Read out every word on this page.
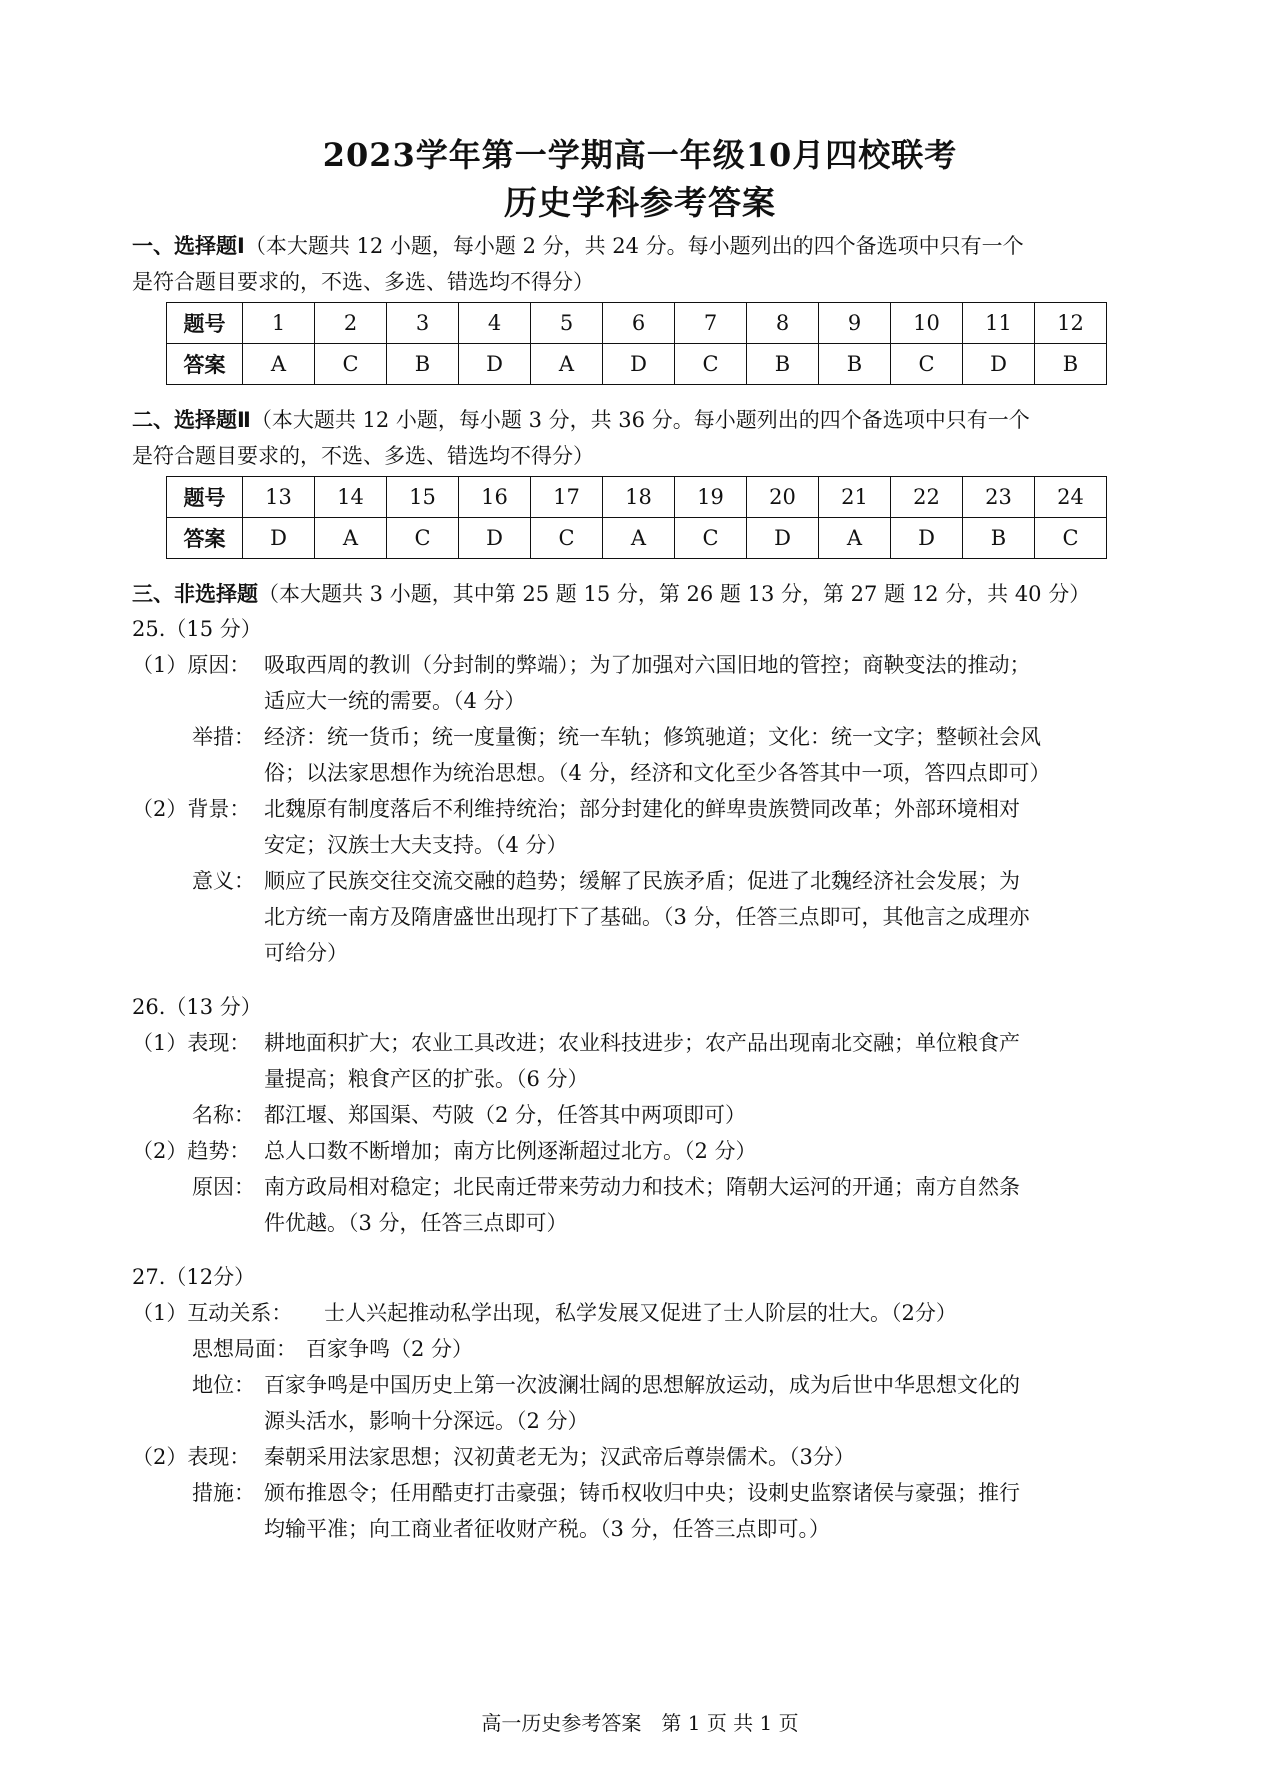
2023学年第一学期高一年级10月四校联考
历史学科参考答案
一、选择题Ⅰ（本大题共 12 小题，每小题 2 分，共 24 分。每小题列出的四个备选项中只有一个
是符合题目要求的，不选、多选、错选均不得分）
题号	1	2	3	4	5	6	7	8	9	10	11	12
答案	A	C	B	D	A	D	C	B	B	C	D	B
二、选择题Ⅱ（本大题共 12 小题，每小题 3 分，共 36 分。每小题列出的四个备选项中只有一个
是符合题目要求的，不选、多选、错选均不得分）
题号	13	14	15	16	17	18	19	20	21	22	23	24
答案	D	A	C	D	C	A	C	D	A	D	B	C
三、非选择题（本大题共 3 小题，其中第 25 题 15 分，第 26 题 13 分，第 27 题 12 分，共 40 分）
25.（15 分）
（1）原因： 吸取西周的教训（分封制的弊端）；为了加强对六国旧地的管控；商鞅变法的推动；
适应大一统的需要。（4 分）
举措： 经济：统一货币；统一度量衡；统一车轨；修筑驰道；文化：统一文字；整顿社会风
俗；以法家思想作为统治思想。（4 分，经济和文化至少各答其中一项，答四点即可）
（2）背景： 北魏原有制度落后不利维持统治；部分封建化的鲜卑贵族赞同改革；外部环境相对
安定；汉族士大夫支持。（4 分）
意义： 顺应了民族交往交流交融的趋势；缓解了民族矛盾；促进了北魏经济社会发展；为
北方统一南方及隋唐盛世出现打下了基础。（3 分，任答三点即可，其他言之成理亦
可给分）
26.（13 分）
（1）表现： 耕地面积扩大；农业工具改进；农业科技进步；农产品出现南北交融；单位粮食产
量提高；粮食产区的扩张。（6 分）
名称： 都江堰、郑国渠、芍陂（2 分，任答其中两项即可）
（2）趋势： 总人口数不断增加；南方比例逐渐超过北方。（2 分）
原因： 南方政局相对稳定；北民南迁带来劳动力和技术；隋朝大运河的开通；南方自然条
件优越。（3 分，任答三点即可）
27.（12分）
（1）互动关系： 士人兴起推动私学出现，私学发展又促进了士人阶层的壮大。（2分）
思想局面： 百家争鸣（2 分）
地位： 百家争鸣是中国历史上第一次波澜壮阔的思想解放运动，成为后世中华思想文化的
源头活水，影响十分深远。（2 分）
（2）表现： 秦朝采用法家思想；汉初黄老无为；汉武帝后尊崇儒术。（3分）
措施： 颁布推恩令；任用酷吏打击豪强；铸币权收归中央；设刺史监察诸侯与豪强；推行
均输平准；向工商业者征收财产税。（3 分，任答三点即可。）
高一历史参考答案　第 1 页 共 1 页
